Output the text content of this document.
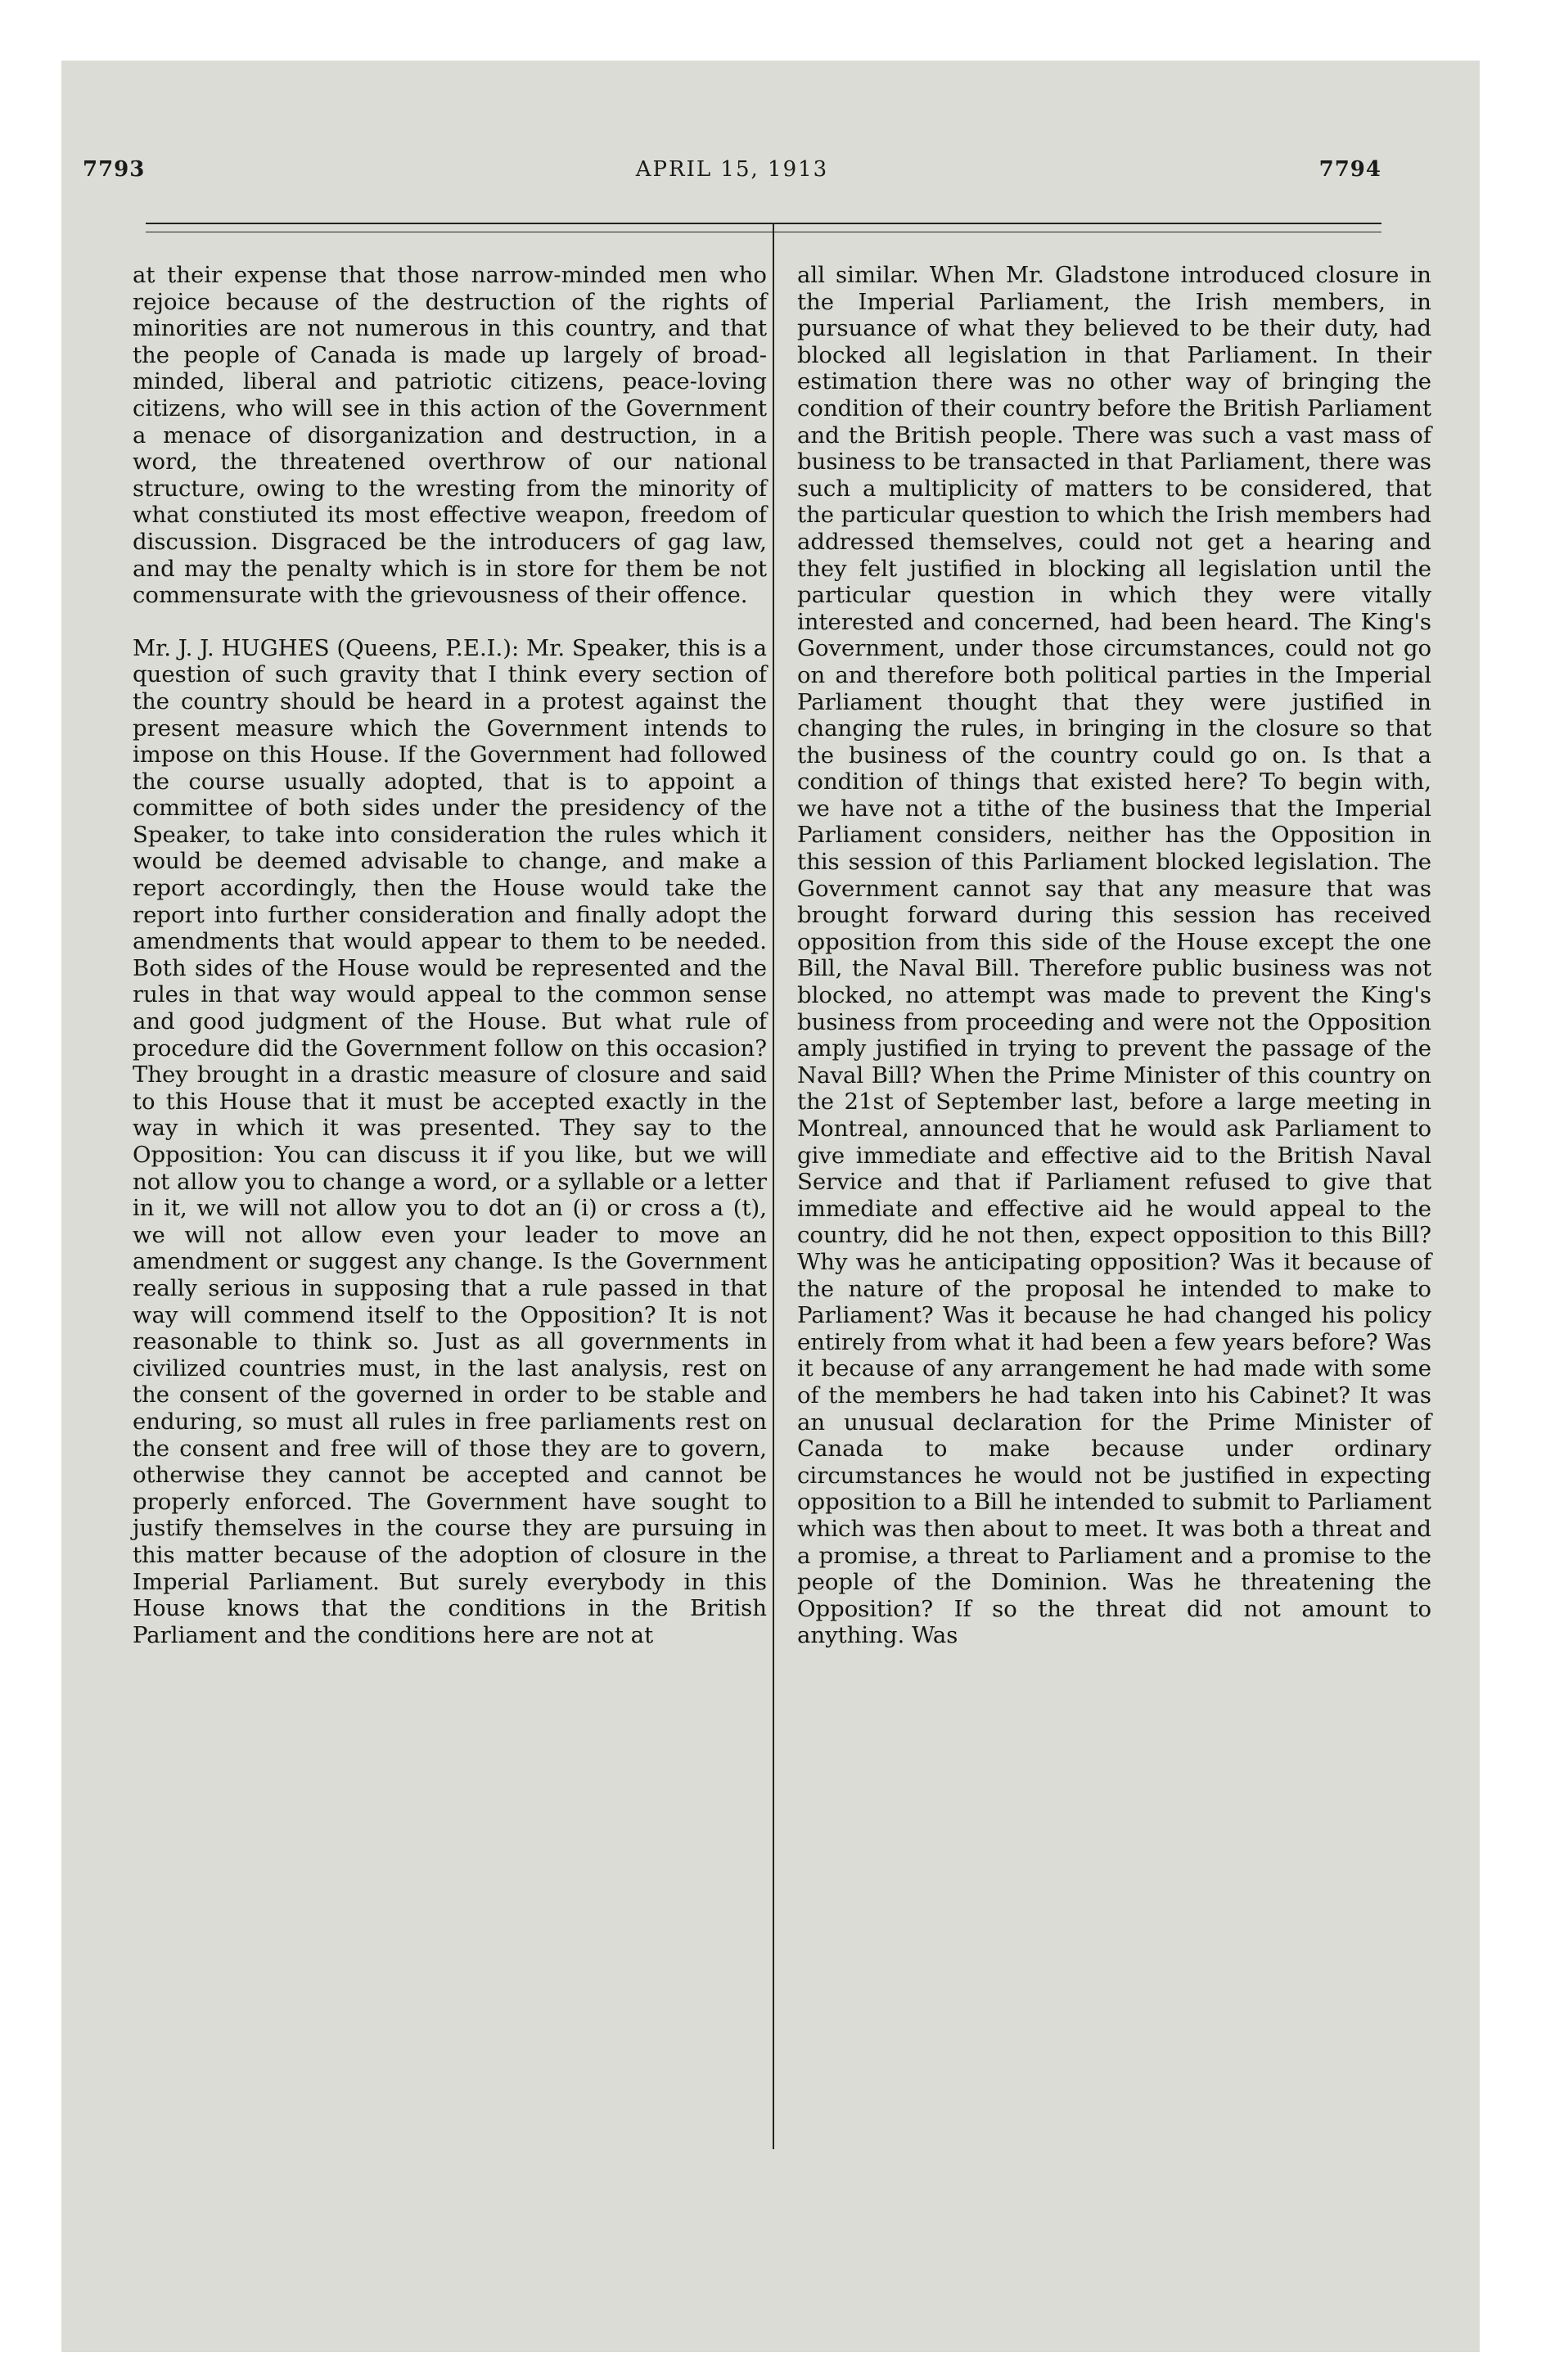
7793	APRIL 15, 1913	7794

at their expense that those narrow-minded men who rejoice because of the destruction of the rights of minorities are not numerous in this country, and that the people of Canada is made up largely of broad-minded, liberal and patriotic citizens, peace-loving citizens, who will see in this action of the Government a menace of disorganization and destruction, in a word, the threatened overthrow of our national structure, owing to the wresting from the minority of what constiuted its most effective weapon, freedom of discussion. Disgraced be the introducers of gag law, and may the penalty which is in store for them be not commensurate with the grievousness of their offence.

Mr. J. J. HUGHES (Queens, P.E.I.): Mr. Speaker, this is a question of such gravity that I think every section of the country should be heard in a protest against the present measure which the Government intends to impose on this House. If the Government had followed the course usually adopted, that is to appoint a committee of both sides under the presidency of the Speaker, to take into consideration the rules which it would be deemed advisable to change, and make a report accordingly, then the House would take the report into further consideration and finally adopt the amendments that would appear to them to be needed. Both sides of the House would be represented and the rules in that way would appeal to the common sense and good judgment of the House. But what rule of procedure did the Government follow on this occasion? They brought in a drastic measure of closure and said to this House that it must be accepted exactly in the way in which it was presented. They say to the Opposition: You can discuss it if you like, but we will not allow you to change a word, or a syllable or a letter in it, we will not allow you to dot an (i) or cross a (t), we will not allow even your leader to move an amendment or suggest any change. Is the Government really serious in supposing that a rule passed in that way will commend itself to the Opposition? It is not reasonable to think so. Just as all governments in civilized countries must, in the last analysis, rest on the consent of the governed in order to be stable and enduring, so must all rules in free parliaments rest on the consent and free will of those they are to govern, otherwise they cannot be accepted and cannot be properly enforced. The Government have sought to justify themselves in the course they are pursuing in this matter because of the adoption of closure in the Imperial Parliament. But surely everybody in this House knows that the conditions in the British Parliament and the conditions here are not at

all similar. When Mr. Gladstone introduced closure in the Imperial Parliament, the Irish members, in pursuance of what they believed to be their duty, had blocked all legislation in that Parliament. In their estimation there was no other way of bringing the condition of their country before the British Parliament and the British people. There was such a vast mass of business to be transacted in that Parliament, there was such a multiplicity of matters to be considered, that the particular question to which the Irish members had addressed themselves, could not get a hearing and they felt justified in blocking all legislation until the particular question in which they were vitally interested and concerned, had been heard. The King's Government, under those circumstances, could not go on and therefore both political parties in the Imperial Parliament thought that they were justified in changing the rules, in bringing in the closure so that the business of the country could go on. Is that a condition of things that existed here? To begin with, we have not a tithe of the business that the Imperial Parliament considers, neither has the Opposition in this session of this Parliament blocked legislation. The Government cannot say that any measure that was brought forward during this session has received opposition from this side of the House except the one Bill, the Naval Bill. Therefore public business was not blocked, no attempt was made to prevent the King's business from proceeding and were not the Opposition amply justified in trying to prevent the passage of the Naval Bill? When the Prime Minister of this country on the 21st of September last, before a large meeting in Montreal, announced that he would ask Parliament to give immediate and effective aid to the British Naval Service and that if Parliament refused to give that immediate and effective aid he would appeal to the country, did he not then, expect opposition to this Bill? Why was he anticipating opposition? Was it because of the nature of the proposal he intended to make to Parliament? Was it because he had changed his policy entirely from what it had been a few years before? Was it because of any arrangement he had made with some of the members he had taken into his Cabinet? It was an unusual declaration for the Prime Minister of Canada to make because under ordinary circumstances he would not be justified in expecting opposition to a Bill he intended to submit to Parliament which was then about to meet. It was both a threat and a promise, a threat to Parliament and a promise to the people of the Dominion. Was he threatening the Opposition? If so the threat did not amount to anything. Was
